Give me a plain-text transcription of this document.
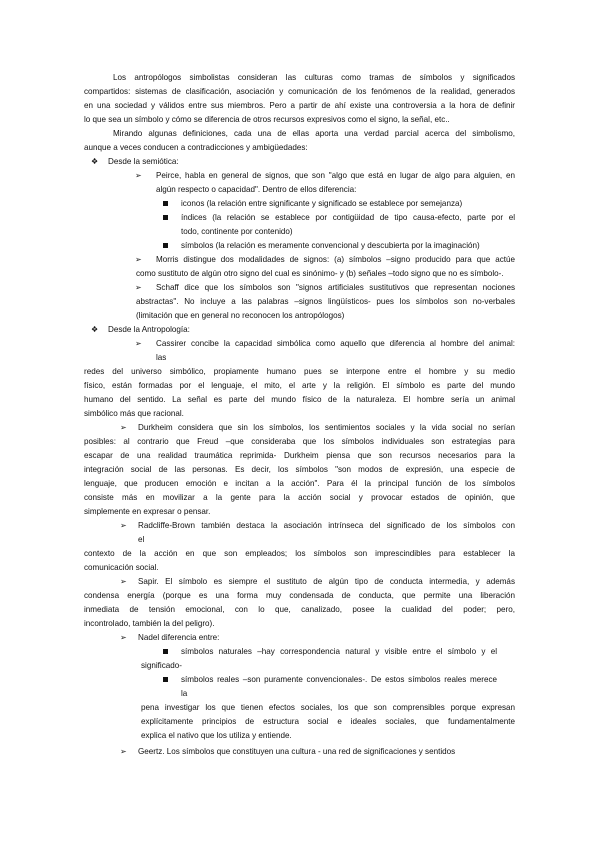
Los antropólogos simbolistas consideran las culturas como tramas de símbolos y significados
compartidos: sistemas de clasificación, asociación y comunicación de los fenómenos de la realidad, generados
en una sociedad y válidos entre sus miembros. Pero a partir de ahí existe una controversia a la hora de definir
lo que sea un símbolo y cómo se diferencia de otros recursos expresivos como el signo, la señal, etc..
Mirando algunas definiciones, cada una de ellas aporta una verdad parcial acerca del simbolismo,
aunque a veces conducen a contradicciones y ambigüedades:
❖ Desde la semiótica:
➢ Peirce, habla en general de signos, que son "algo que está en lugar de algo para alguien, en
algún respecto o capacidad". Dentro de ellos diferencia:
iconos (la relación entre significante y significado se establece por semejanza)
índices (la relación se establece por contigüidad de tipo causa-efecto, parte por el
todo, continente por contenido)
símbolos (la relación es meramente convencional y descubierta por la imaginación)
➢ Morris distingue dos modalidades de signos: (a) símbolos –signo producido para que actúe
como sustituto de algún otro signo del cual es sinónimo- y (b) señales –todo signo que no es símbolo-.
➢ Schaff dice que los símbolos son "signos artificiales sustitutivos que representan nociones
abstractas". No incluye a las palabras –signos lingüísticos- pues los símbolos son no-verbales
(limitación que en general no reconocen los antropólogos)
❖ Desde la Antropología:
➢ Cassirer concibe la capacidad simbólica como aquello que diferencia al hombre del animal:
las
redes del universo simbólico, propiamente humano pues se interpone entre el hombre y su medio
físico, están formadas por el lenguaje, el mito, el arte y la religión. El símbolo es parte del mundo
humano del sentido. La señal es parte del mundo físico de la naturaleza. El hombre sería un animal
simbólico más que racional.
➢ Durkheim considera que sin los símbolos, los sentimientos sociales y la vida social no serían
posibles: al contrario que Freud –que consideraba que los símbolos individuales son estrategias para
escapar de una realidad traumática reprimida- Durkheim piensa que son recursos necesarios para la
integración social de las personas. Es decir, los símbolos "son modos de expresión, una especie de
lenguaje, que producen emoción e incitan a la acción". Para él la principal función de los símbolos
consiste más en movilizar a la gente para la acción social y provocar estados de opinión, que
simplemente en expresar o pensar.
➢ Radcliffe-Brown también destaca la asociación intrínseca del significado de los símbolos con
el
contexto de la acción en que son empleados; los símbolos son imprescindibles para establecer la
comunicación social.
➢ Sapir. El símbolo es siempre el sustituto de algún tipo de conducta intermedia, y además
condensa energía (porque es una forma muy condensada de conducta, que permite una liberación
inmediata de tensión emocional, con lo que, canalizado, posee la cualidad del poder; pero,
incontrolado, también la del peligro).
➢ Nadel diferencia entre:
símbolos naturales –hay correspondencia natural y visible entre el símbolo y el
significado-
símbolos reales –son puramente convencionales-. De estos símbolos reales merece
la
pena investigar los que tienen efectos sociales, los que son comprensibles porque expresan
explícitamente principios de estructura social e ideales sociales, que fundamentalmente
explica el nativo que los utiliza y entiende.
➢ Geertz. Los símbolos que constituyen una cultura - una red de significaciones y sentidos
